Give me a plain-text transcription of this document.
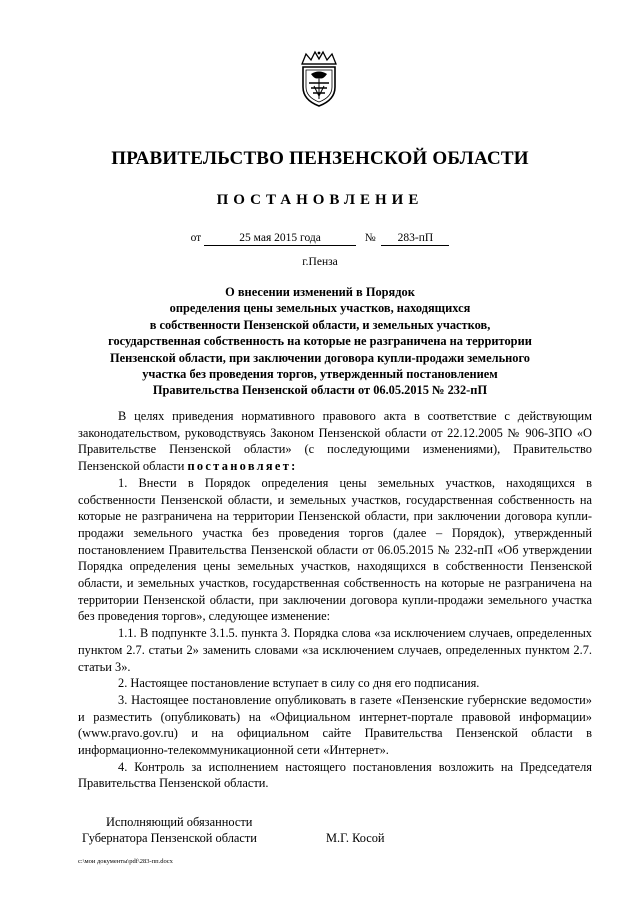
ПРАВИТЕЛЬСТВО ПЕНЗЕНСКОЙ ОБЛАСТИ
ПОСТАНОВЛЕНИЕ
от	25 мая 2015 года	№ 283-пП
г.Пенза
О внесении изменений в Порядок
определения цены земельных участков, находящихся
в собственности Пензенской области, и земельных участков,
государственная собственность на которые не разграничена на территории
Пензенской области, при заключении договора купли-продажи земельного
участка без проведения торгов, утвержденный постановлением
Правительства Пензенской области от 06.05.2015 № 232-пП

В целях приведения нормативного правового акта в соответствие с действующим законодательством, руководствуясь Законом Пензенской области от 22.12.2005 № 906-ЗПО «О Правительстве Пензенской области» (с последующими изменениями), Правительство Пензенской области постановляет:

1. Внести в Порядок определения цены земельных участков, находящихся в собственности Пензенской области, и земельных участков, государственная собственность на которые не разграничена на территории Пензенской области, при заключении договора купли-продажи земельного участка без проведения торгов (далее – Порядок), утвержденный постановлением Правительства Пензенской области от 06.05.2015 № 232-пП «Об утверждении Порядка определения цены земельных участков, находящихся в собственности Пензенской области, и земельных участков, государственная собственность на которые не разграничена на территории Пензенской области, при заключении договора купли-продажи земельного участка без проведения торгов», следующее изменение:

1.1. В подпункте 3.1.5. пункта 3. Порядка слова «за исключением случаев, определенных пунктом 2.7. статьи 2» заменить словами «за исключением случаев, определенных пунктом 2.7. статьи 3».

2. Настоящее постановление вступает в силу со дня его подписания.

3. Настоящее постановление опубликовать в газете «Пензенские губернские ведомости» и разместить (опубликовать) на «Официальном интернет-портале правовой информации» (www.pravo.gov.ru) и на официальном сайте Правительства Пензенской области в информационно-телекоммуникационной сети «Интернет».

4. Контроль за исполнением настоящего постановления возложить на Председателя Правительства Пензенской области.

Исполняющий обязанности
Губернатора Пензенской области	М.Г. Косой
c:\мои документы\pdf\283-пп.docx
